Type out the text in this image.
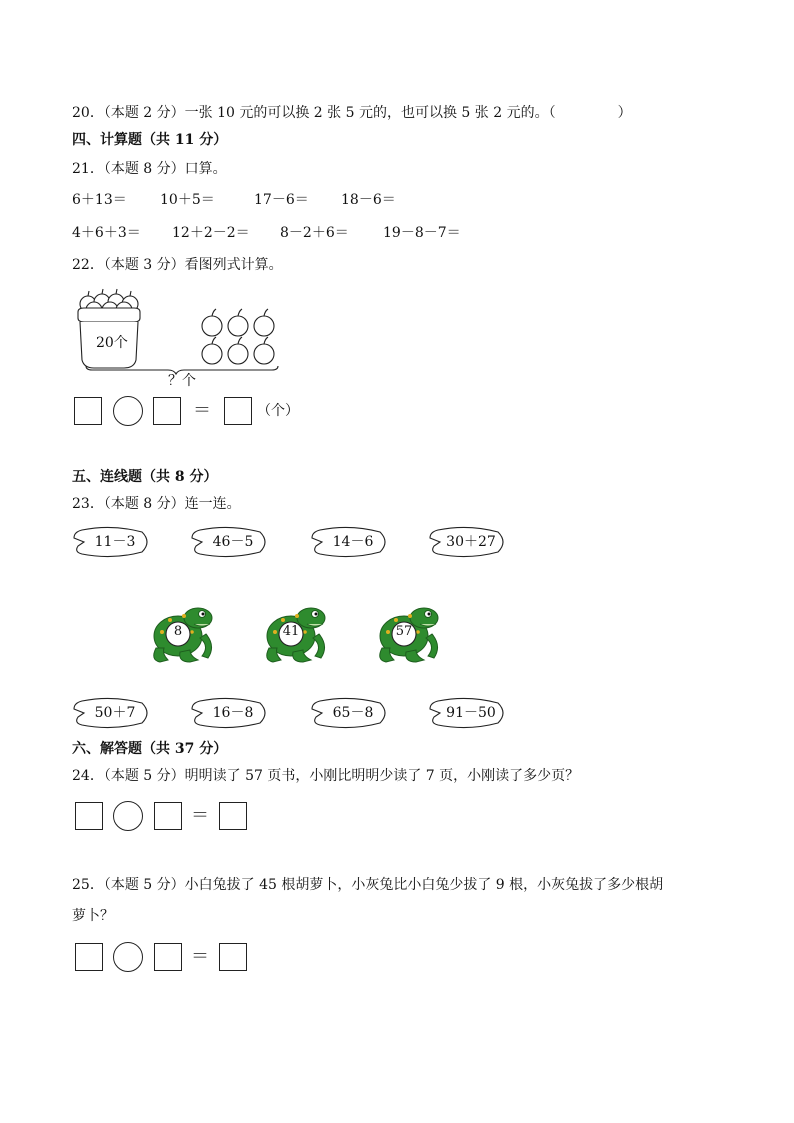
20．（本题 2 分）一张 10 元的可以换 2 张 5 元的，也可以换 5 张 2 元的。（	）
四、计算题（共 11 分）
21．（本题 8 分）口算。
6＋13＝ 10＋5＝	17－6＝ 18－6＝
4＋6＋3＝ 12＋2－2＝ 8－2＋6＝ 19－8－7＝
22．（本题 3 分）看图列式计算。
20个
？个
＝	（个）
五、连线题（共 8 分）
23．（本题 8 分）连一连。
11－3	46－5	14－6	30＋27
8	41	57
50＋7	16－8	65－8	91－50
六、解答题（共 37 分）
24．（本题 5 分）明明读了 57 页书，小刚比明明少读了 7 页，小刚读了多少页？
＝
25．（本题 5 分）小白兔拔了 45 根胡萝卜，小灰兔比小白兔少拔了 9 根，小灰兔拔了多少根胡
萝卜？
＝
